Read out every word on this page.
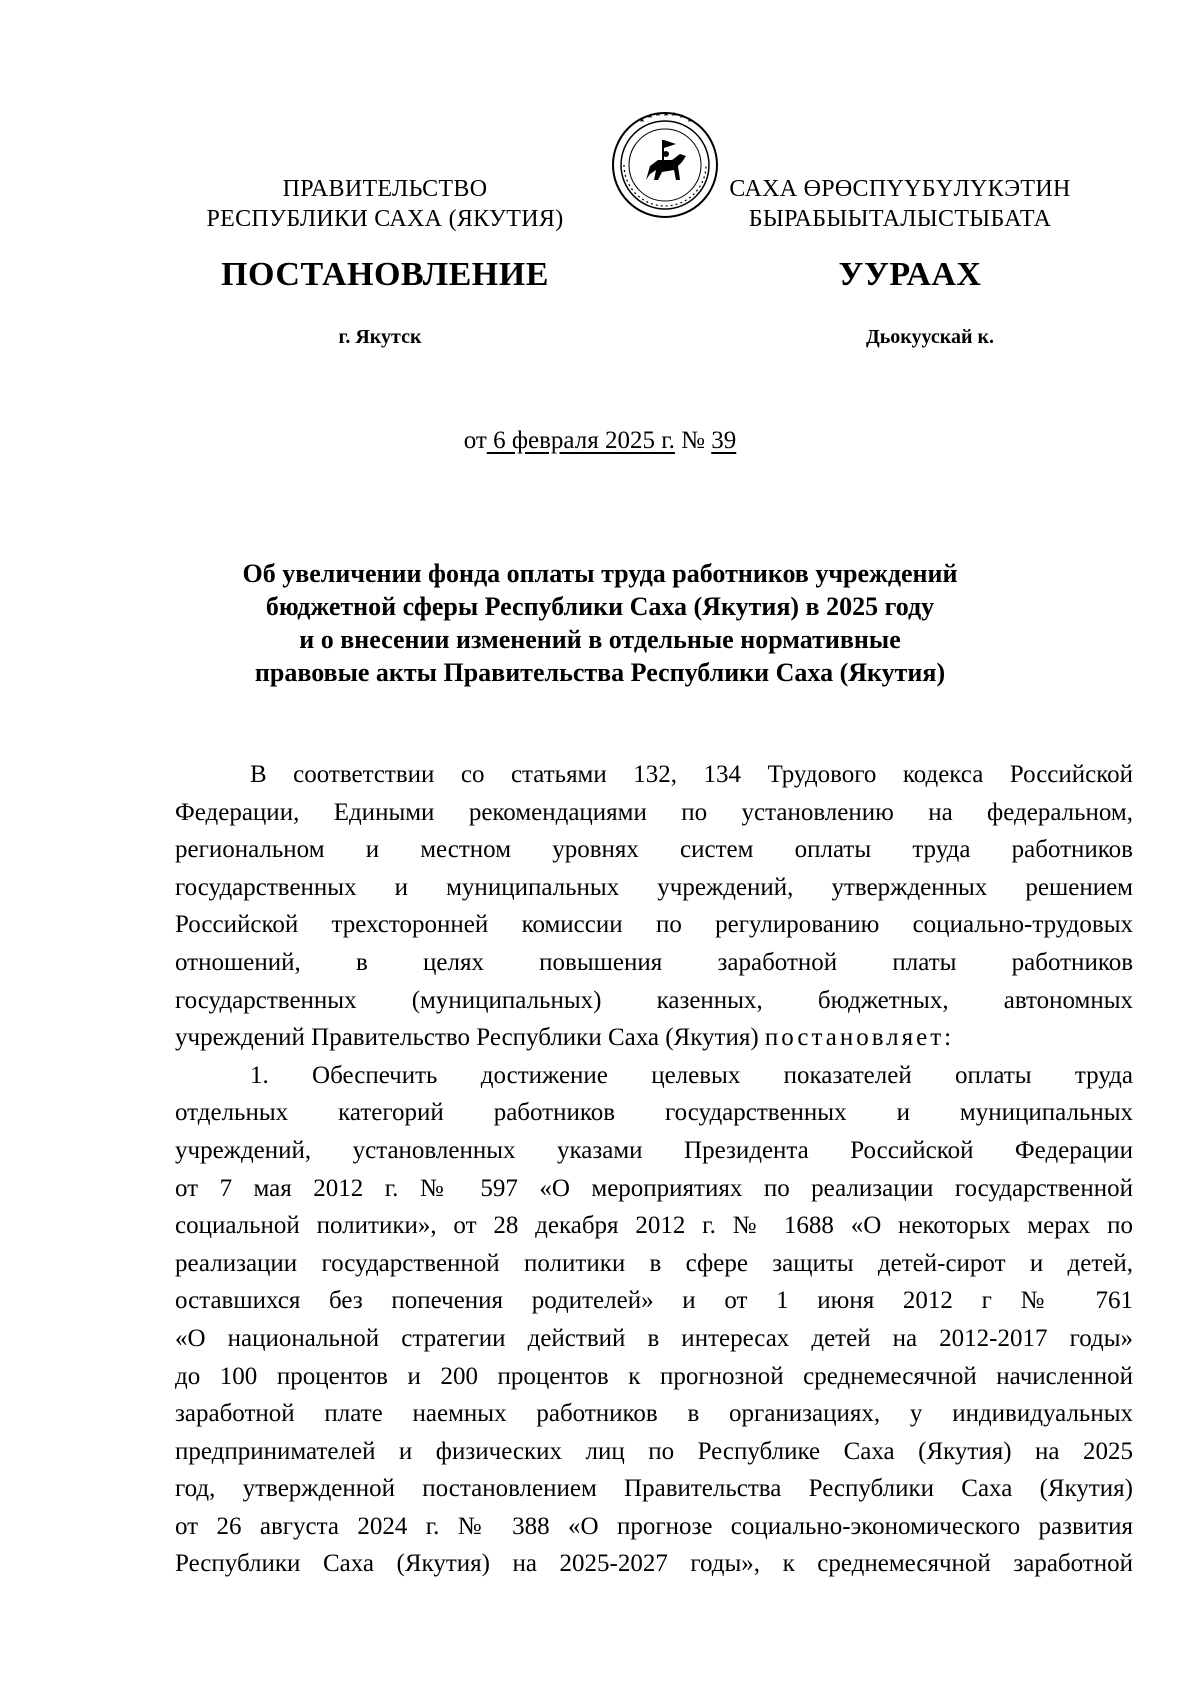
ПРАВИТЕЛЬСТВО
РЕСПУБЛИКИ САХА (ЯКУТИЯ)
САХА ӨРӨСПҮҮБҮЛҮКЭТИН
БЫРАБЫЫТАЛЫСТЫБАТА
ПОСТАНОВЛЕНИЕ	УУРААХ
г. Якутск	Дьокуускай к.
от 6 февраля 2025 г. № 39
Об увеличении фонда оплаты труда работников учреждений
бюджетной сферы Республики Саха (Якутия) в 2025 году
и о внесении изменений в отдельные нормативные
правовые акты Правительства Республики Саха (Якутия)
В соответствии со статьями 132, 134 Трудового кодекса Российской
Федерации, Едиными рекомендациями по установлению на федеральном,
региональном и местном уровнях систем оплаты труда работников
государственных и муниципальных учреждений, утвержденных решением
Российской трехсторонней комиссии по регулированию социально-трудовых
отношений, в целях повышения заработной платы работников
государственных (муниципальных) казенных, бюджетных, автономных
учреждений Правительство Республики Саха (Якутия) постановляет:
1. Обеспечить достижение целевых показателей оплаты труда
отдельных категорий работников государственных и муниципальных
учреждений, установленных указами Президента Российской Федерации
от 7 мая 2012 г. № 597 «О мероприятиях по реализации государственной
социальной политики», от 28 декабря 2012 г. № 1688 «О некоторых мерах по
реализации государственной политики в сфере защиты детей-сирот и детей,
оставшихся без попечения родителей» и от 1 июня 2012 г № 761
«О национальной стратегии действий в интересах детей на 2012-2017 годы»
до 100 процентов и 200 процентов к прогнозной среднемесячной начисленной
заработной плате наемных работников в организациях, у индивидуальных
предпринимателей и физических лиц по Республике Саха (Якутия) на 2025
год, утвержденной постановлением Правительства Республики Саха (Якутия)
от 26 августа 2024 г. № 388 «О прогнозе социально-экономического развития
Республики Саха (Якутия) на 2025-2027 годы», к среднемесячной заработной
